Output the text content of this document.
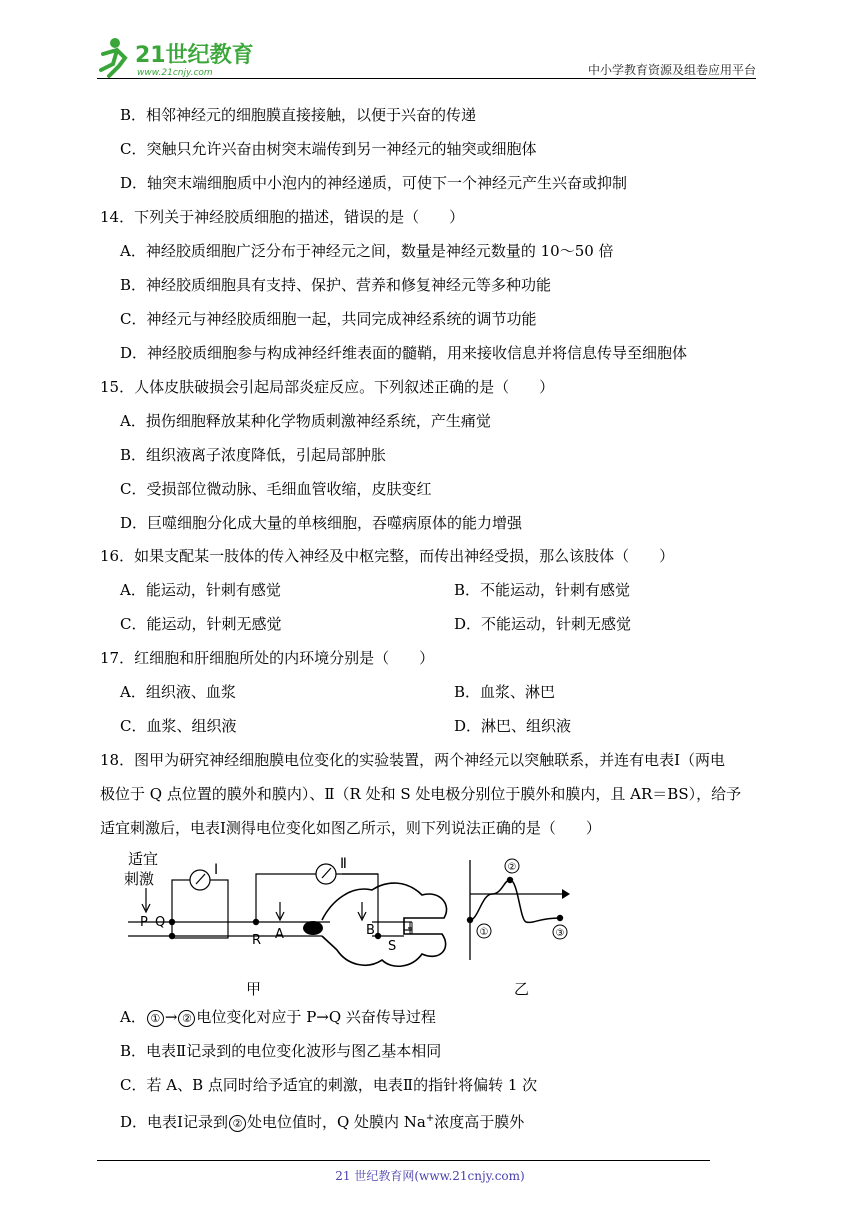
21世纪教育
www.21cnjy.com	中小学教育资源及组卷应用平台
B．相邻神经元的细胞膜直接接触，以便于兴奋的传递
C．突触只允许兴奋由树突末端传到另一神经元的轴突或细胞体
D．轴突末端细胞质中小泡内的神经递质，可使下一个神经元产生兴奋或抑制
14．下列关于神经胶质细胞的描述，错误的是（　　）
A．神经胶质细胞广泛分布于神经元之间，数量是神经元数量的 10～50 倍
B．神经胶质细胞具有支持、保护、营养和修复神经元等多种功能
C．神经元与神经胶质细胞一起，共同完成神经系统的调节功能
D．神经胶质细胞参与构成神经纤维表面的髓鞘，用来接收信息并将信息传导至细胞体
15．人体皮肤破损会引起局部炎症反应。下列叙述正确的是（　　）
A．损伤细胞释放某种化学物质刺激神经系统，产生痛觉
B．组织液离子浓度降低，引起局部肿胀
C．受损部位微动脉、毛细血管收缩，皮肤变红
D．巨噬细胞分化成大量的单核细胞，吞噬病原体的能力增强
16．如果支配某一肢体的传入神经及中枢完整，而传出神经受损，那么该肢体（　　）
A．能运动，针刺有感觉	B．不能运动，针刺有感觉
C．能运动，针刺无感觉	D．不能运动，针刺无感觉
17．红细胞和肝细胞所处的内环境分别是（　　）
A．组织液、血浆	B．血浆、淋巴
C．血浆、组织液	D．淋巴、组织液
18．图甲为研究神经细胞膜电位变化的实验装置，两个神经元以突触联系，并连有电表Ⅰ（两电
极位于 Q 点位置的膜外和膜内）、Ⅱ（R 处和 S 处电极分别位于膜外和膜内，且 AR＝BS），给予
适宜刺激后，电表Ⅰ测得电位变化如图乙所示，则下列说法正确的是（　　）
适宜
刺激	Ⅰ
P Q
Ⅱ
R A	B
S
甲
①
②
③
乙
A． ① → ② 电位变化对应于 P→Q 兴奋传导过程
B．电表Ⅱ记录到的电位变化波形与图乙基本相同
C．若 A、B 点同时给予适宜的刺激，电表Ⅱ的指针将偏转 1 次
D．电表Ⅰ记录到 ② 处电位值时，Q 处膜内 Na+浓度高于膜外
21 世纪教育网(www.21cnjy.com)
